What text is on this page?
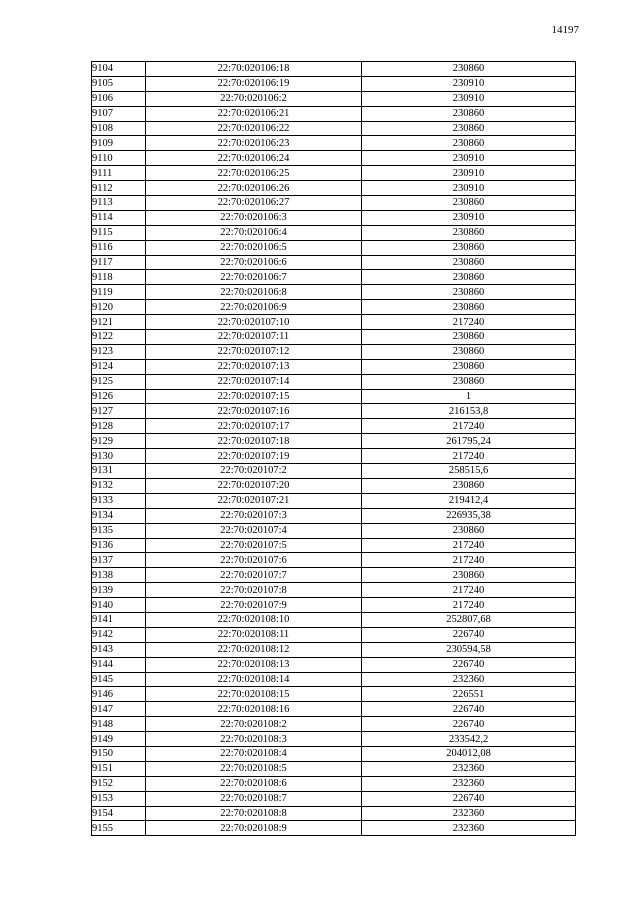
14197
9104	22:70:020106:18	230860
9105	22:70:020106:19	230910
9106	22:70:020106:2	230910
9107	22:70:020106:21	230860
9108	22:70:020106:22	230860
9109	22:70:020106:23	230860
9110	22:70:020106:24	230910
9111	22:70:020106:25	230910
9112	22:70:020106:26	230910
9113	22:70:020106:27	230860
9114	22:70:020106:3	230910
9115	22:70:020106:4	230860
9116	22:70:020106:5	230860
9117	22:70:020106:6	230860
9118	22:70:020106:7	230860
9119	22:70:020106:8	230860
9120	22:70:020106:9	230860
9121	22:70:020107:10	217240
9122	22:70:020107:11	230860
9123	22:70:020107:12	230860
9124	22:70:020107:13	230860
9125	22:70:020107:14	230860
9126	22:70:020107:15	1
9127	22:70:020107:16	216153,8
9128	22:70:020107:17	217240
9129	22:70:020107:18	261795,24
9130	22:70:020107:19	217240
9131	22:70:020107:2	258515,6
9132	22:70:020107:20	230860
9133	22:70:020107:21	219412,4
9134	22:70:020107:3	226935,38
9135	22:70:020107:4	230860
9136	22:70:020107:5	217240
9137	22:70:020107:6	217240
9138	22:70:020107:7	230860
9139	22:70:020107:8	217240
9140	22:70:020107:9	217240
9141	22:70:020108:10	252807,68
9142	22:70:020108:11	226740
9143	22:70:020108:12	230594,58
9144	22:70:020108:13	226740
9145	22:70:020108:14	232360
9146	22:70:020108:15	226551
9147	22:70:020108:16	226740
9148	22:70:020108:2	226740
9149	22:70:020108:3	233542,2
9150	22:70:020108:4	204012,08
9151	22:70:020108:5	232360
9152	22:70:020108:6	232360
9153	22:70:020108:7	226740
9154	22:70:020108:8	232360
9155	22:70:020108:9	232360
